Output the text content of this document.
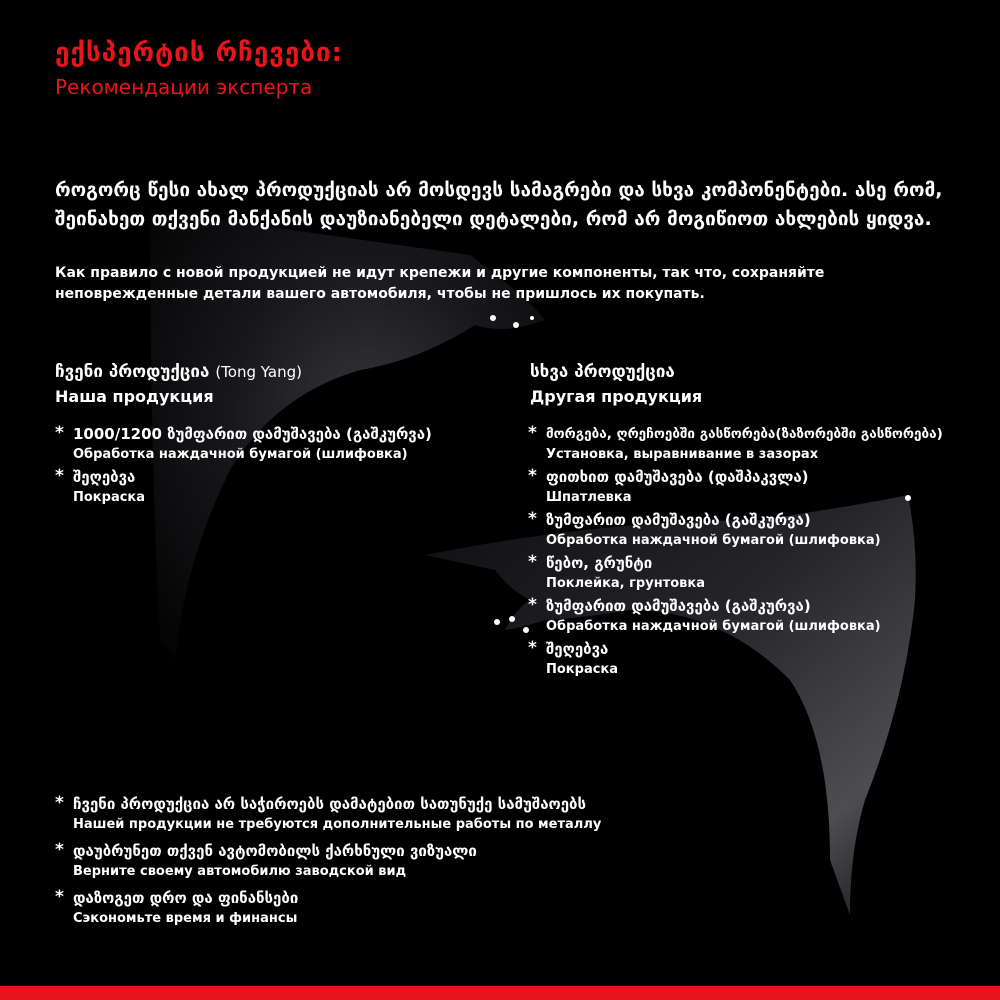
ექსპერტის რჩევები:
Рекомендации эксперта
როგორც წესი ახალ პროდუქციას არ მოსდევს სამაგრები და სხვა კომპონენტები. ასე რომ, შეინახეთ თქვენი მანქანის დაუზიანებელი დეტალები, რომ არ მოგიწიოთ ახლების ყიდვა.
Как правило с новой продукцией не идут крепежи и другие компоненты, так что, сохраняйте неповрежденные детали вашего автомобиля, чтобы не пришлось их покупать.
ჩვენი პროდუქცია (Tong Yang)
Наша продукция
* 1000/1200 ზუმფარით დამუშავება (გაშკურვა)
Обработка наждачной бумагой (шлифовка)
* შეღებვა
Покраска
სხვა პროდუქცია
Другая продукция
* მორგება, ღრეჩოებში გასწორება(ზაზორებში გასწორება)
Установка, выравнивание в зазорах
* ფითხით დამუშავება (დაშპაკვლა)
Шпатлевка
* ზუმფარით დამუშავება (გაშკურვა)
Обработка наждачной бумагой (шлифовка)
* წებო, გრუნტი
Поклейка, грунтовка
* ზუმფარით დამუშავება (გაშკურვა)
Обработка наждачной бумагой (шлифовка)
* შეღებვა
Покраска
* ჩვენი პროდუქცია არ საჭიროებს დამატებით სათუნუქე სამუშაოებს
Нашей продукции не требуются дополнительные работы по металлу
* დაუბრუნეთ თქვენ ავტომობილს ქარხნული ვიზუალი
Верните своему автомобилю заводской вид
* დაზოგეთ დრო და ფინანსები
Сэкономьте время и финансы
